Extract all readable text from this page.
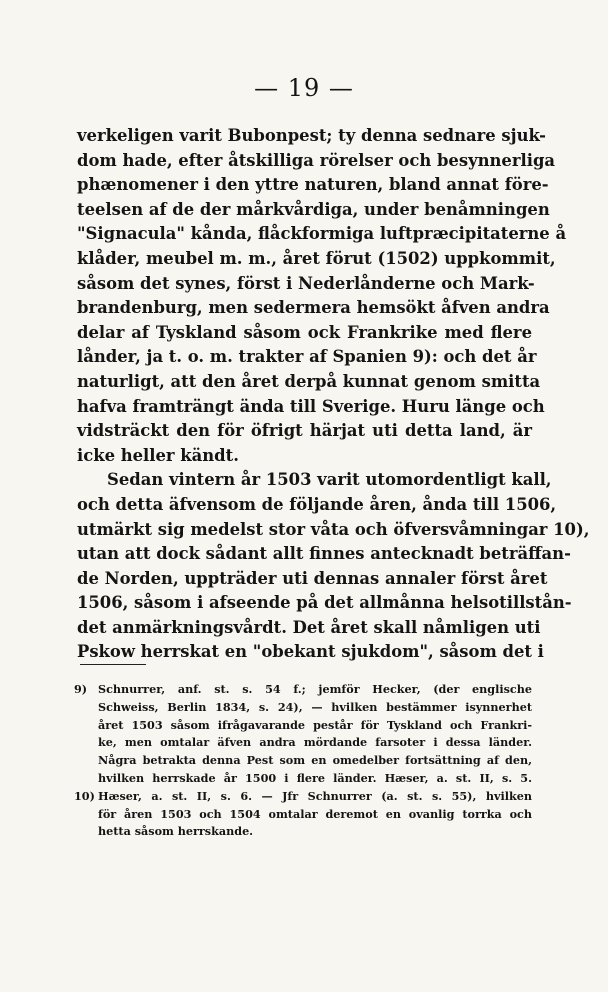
— 19 —
verkeligen varit Bubonpest; ty denna sednare sjuk-
dom hade, efter åtskilliga rörelser och besynnerliga
phænomener i den yttre naturen, bland annat före-
teelsen af de der mårkvårdiga, under benåmningen
"Signacula" kånda, flåckformiga luftpræcipitaterne å
klåder, meubel m. m., året förut (1502) uppkommit,
såsom det synes, först i Nederlånderne och Mark-
brandenburg, men sedermera hemsökt åfven andra
delar af Tyskland såsom ock Frankrike med flere
lånder, ja t. o. m. trakter af Spanien 9): och det år
naturligt, att den året derpå kunnat genom smitta
hafva framträngt ända till Sverige. Huru länge och
vidsträckt den för öfrigt härjat uti detta land, är
icke heller kändt.
Sedan vintern år 1503 varit utomordentligt kall,
och detta äfvensom de följande åren, ånda till 1506,
utmärkt sig medelst stor våta och öfversvåmningar 10),
utan att dock sådant allt finnes antecknadt beträffan-
de Norden, uppträder uti dennas annaler först året
1506, såsom i afseende på det allmånna helsotillstån-
det anmärkningsvårdt. Det året skall nåmligen uti
Pskow herrskat en "obekant sjukdom", såsom det i
9) Schnurrer, anf. st. s. 54 f.; jemför Hecker, (der englische
Schweiss, Berlin 1834, s. 24), — hvilken bestämmer isynnerhet
året 1503 såsom ifrågavarande pestår för Tyskland och Frankri-
ke, men omtalar äfven andra mördande farsoter i dessa länder.
Några betrakta denna Pest som en omedelber fortsättning af den,
hvilken herrskade år 1500 i flere länder. Hæser, a. st. II, s. 5.
10) Hæser, a. st. II, s. 6. — Jfr Schnurrer (a. st. s. 55), hvilken
för åren 1503 och 1504 omtalar deremot en ovanlig torrka och
hetta såsom herrskande.
